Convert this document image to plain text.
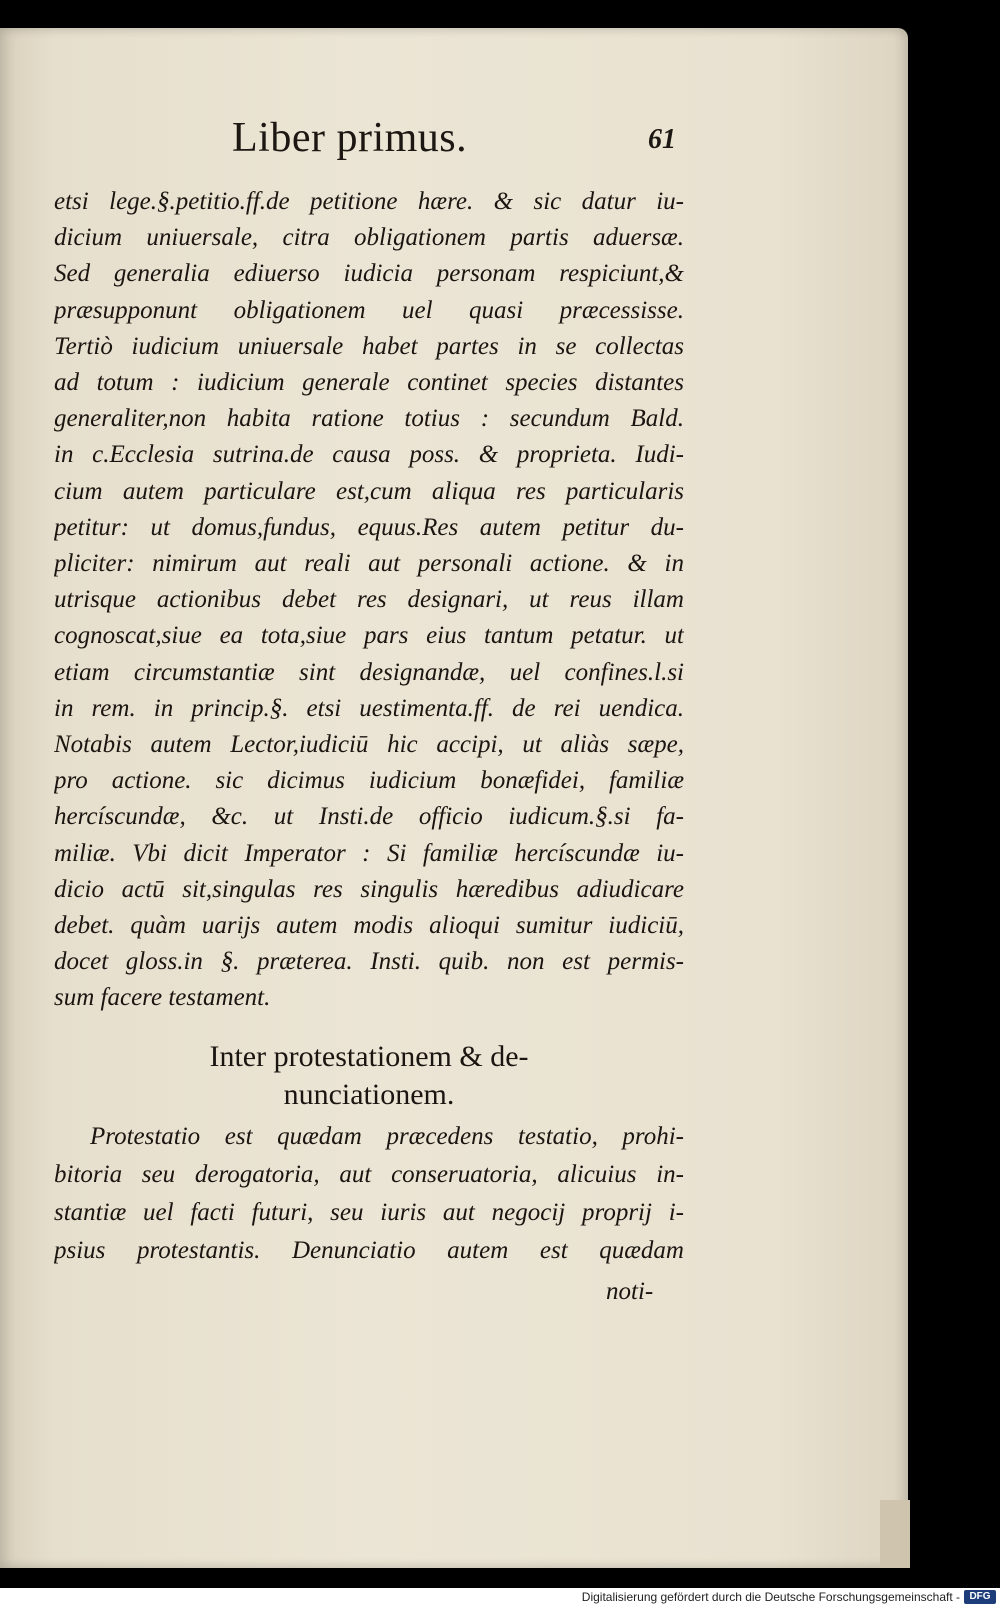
Liber primus.	61
etsi lege.§.petitio.ff.de petitione hære. & sic datur iu-
dicium uniuersale, citra obligationem partis aduersæ.
Sed generalia ediuerso iudicia personam respiciunt,&
præsupponunt obligationem uel quasi præcessisse.
Tertiò iudicium uniuersale habet partes in se collectas
ad totum : iudicium generale continet species distantes
generaliter,non habita ratione totius : secundum Bald.
in c.Ecclesia sutrina.de causa poss. & proprieta. Iudi-
cium autem particulare est,cum aliqua res particularis
petitur: ut domus,fundus, equus.Res autem petitur du-
pliciter: nimirum aut reali aut personali actione. & in
utrisque actionibus debet res designari, ut reus illam
cognoscat,siue ea tota,siue pars eius tantum petatur. ut
etiam circumstantiæ sint designandæ, uel confines.l.si
in rem. in princip.§. etsi uestimenta.ff. de rei uendica.
Notabis autem Lector,iudiciū hic accipi, ut aliàs sæpe,
pro actione. sic dicimus iudicium bonæfidei, familiæ
hercíscundæ, &c. ut Insti.de officio iudicum.§.si fa-
miliæ. Vbi dicit Imperator : Si familiæ hercíscundæ iu-
dicio actū sit,singulas res singulis hæredibus adiudicare
debet. quàm uarijs autem modis alioqui sumitur iudiciū,
docet gloss.in §. præterea. Insti. quib. non est permis-
sum facere testament.
Inter protestationem & de-
nunciationem.
Protestatio est quædam præcedens testatio, prohi-
bitoria seu derogatoria, aut conseruatoria, alicuius in-
stantiæ uel facti futuri, seu iuris aut negocij proprij i-
psius protestantis. Denunciatio autem est quædam
noti-
Digitalisierung gefördert durch die Deutsche Forschungsgemeinschaft - DFG
